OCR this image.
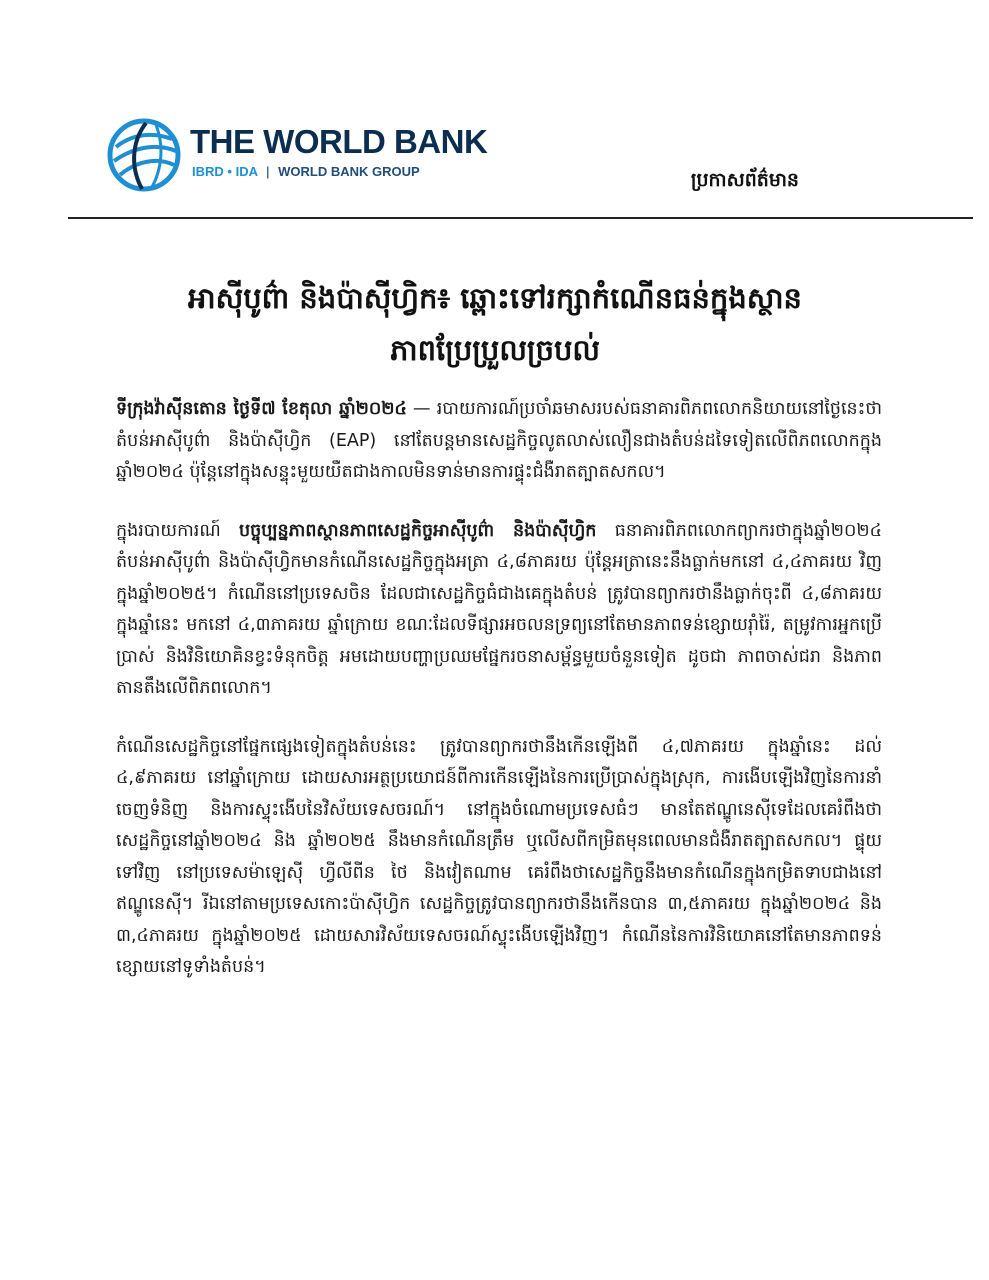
THE WORLD BANK
IBRD • IDA | WORLD BANK GROUP	ប្រកាសព័ត៌មាន
អាស៊ីបូព៌ា និងប៉ាស៊ីហ្វិក៖ ឆ្ពោះទៅរក្សាកំណើនធន់ក្នុងស្ថាន
ភាពប្រែប្រួលច្របល់

ទីក្រុងវ៉ាស៊ីនតោន ថ្ងៃទី៧ ខែតុលា ឆ្នាំ២០២៤ — របាយការណ៍ប្រចាំឆមាសរបស់ធនាគារពិភពលោកនិយាយនៅថ្ងៃនេះថា តំបន់អាស៊ីបូព៌ា និងប៉ាស៊ីហ្វិក (EAP) នៅតែបន្តមានសេដ្ឋកិច្ចលូតលាស់លឿនជាងតំបន់ដទៃទៀតលើពិភពលោកក្នុងឆ្នាំ២០២៤ ប៉ុន្តែនៅក្នុងសន្ទុះមួយយឺតជាងកាលមិនទាន់មានការផ្ទុះជំងឺរាតត្បាតសកល។

ក្នុងរបាយការណ៍ បច្ចុប្បន្នភាពស្ថានភាពសេដ្ឋកិច្ចអាស៊ីបូព៌ា និងប៉ាស៊ីហ្វិក ធនាគារពិភពលោកព្យាករថាក្នុងឆ្នាំ២០២៤ តំបន់អាស៊ីបូព៌ា និងប៉ាស៊ីហ្វិកមានកំណើនសេដ្ឋកិច្ចក្នុងអត្រា ៤,៨ភាគរយ ប៉ុន្តែអត្រានេះនឹងធ្លាក់មកនៅ ៤,៤ភាគរយ វិញ ក្នុងឆ្នាំ២០២៥។ កំណើននៅប្រទេសចិន ដែលជាសេដ្ឋកិច្ចធំជាងគេក្នុងតំបន់ ត្រូវបានព្យាករថានឹងធ្លាក់ចុះពី ៤,៨ភាគរយ ក្នុងឆ្នាំនេះ មកនៅ ៤,៣ភាគរយ ឆ្នាំក្រោយ ខណៈដែលទីផ្សារអចលនទ្រព្យនៅតែមានភាពទន់ខ្សោយរ៉ាំរ៉ៃ, តម្រូវការអ្នកប្រើប្រាស់ និងវិនិយោគិនខ្វះទំនុកចិត្ត អមដោយបញ្ហាប្រឈមផ្នែករចនាសម្ព័ន្ធមួយចំនួនទៀត ដូចជា ភាពចាស់ជរា និងភាពតានតឹងលើពិភពលោក។

កំណើនសេដ្ឋកិច្ចនៅផ្នែកផ្សេងទៀតក្នុងតំបន់នេះ ត្រូវបានព្យាករថានឹងកើនឡើងពី ៤,៧ភាគរយ ក្នុងឆ្នាំនេះ ដល់ ៤,៩ភាគរយ នៅឆ្នាំក្រោយ ដោយសារអត្ថប្រយោជន៍ពីការកើនឡើងនៃការប្រើប្រាស់ក្នុងស្រុក, ការងើបឡើងវិញនៃការនាំចេញទំនិញ និងការស្ទុះងើបនៃវិស័យទេសចរណ៍។ នៅក្នុងចំណោមប្រទេសធំៗ មានតែឥណ្ឌូនេស៊ីទេដែលគេរំពឹងថាសេដ្ឋកិច្ចនៅឆ្នាំ២០២៤ និង ឆ្នាំ២០២៥ នឹងមានកំណើនត្រឹម ឬលើសពីកម្រិតមុនពេលមានជំងឺរាតត្បាតសកល។ ផ្ទុយទៅវិញ នៅប្រទេសម៉ាឡេស៊ី ហ្វីលីពីន ថៃ និងវៀតណាម គេរំពឹងថាសេដ្ឋកិច្ចនឹងមានកំណើនក្នុងកម្រិតទាបជាងនៅឥណ្ឌូនេស៊ី។ រីឯនៅតាមប្រទេសកោះប៉ាស៊ីហ្វិក សេដ្ឋកិច្ចត្រូវបានព្យាករថានឹងកើនបាន ៣,៥ភាគរយ ក្នុងឆ្នាំ២០២៤ និង ៣,៤ភាគរយ ក្នុងឆ្នាំ២០២៥ ដោយសារវិស័យទេសចរណ៍ស្ទុះងើបឡើងវិញ។ កំណើននៃការវិនិយោគនៅតែមានភាពទន់ខ្សោយនៅទូទាំងតំបន់។
